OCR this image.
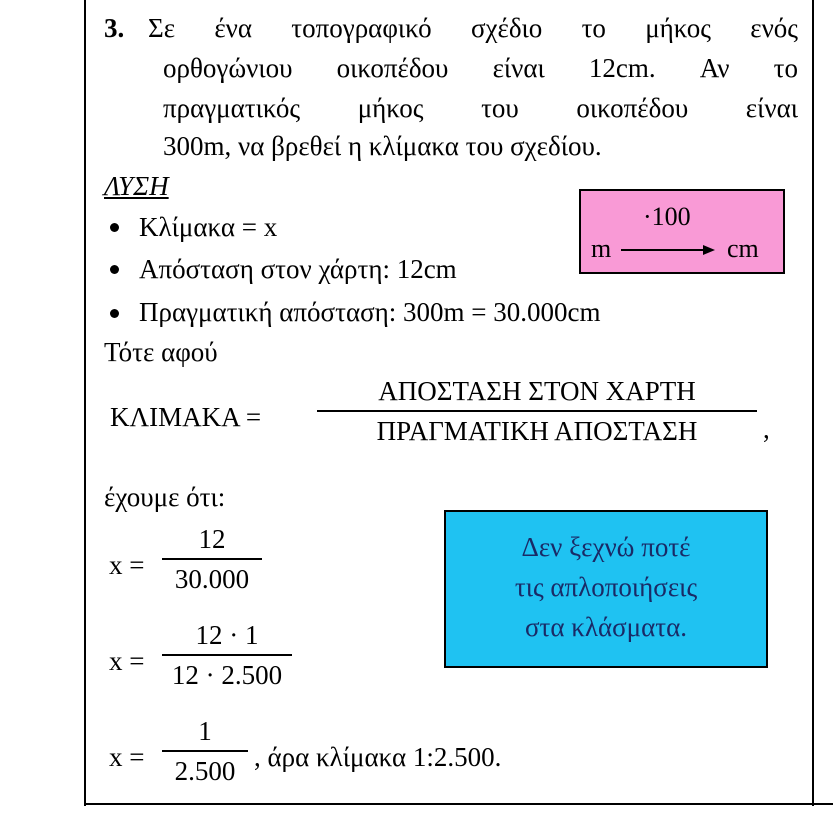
3. Σε ένα τοπογραφικό σχέδιο το μήκος ενός
ορθογώνιου οικοπέδου είναι 12cm. Αν το
πραγματικός μήκος του οικοπέδου είναι
300m, να βρεθεί η κλίμακα του σχεδίου.
ΛΥΣΗ
Κλίμακα = x
Απόσταση στον χάρτη: 12cm
Πραγματική απόσταση: 300m = 30.000cm
·100
m	cm
Τότε αφού
ΚΛΙΜΑΚΑ =
ΑΠΟΣΤΑΣΗ ΣΤΟΝ ΧΑΡΤΗ
ΠΡΑΓΜΑΤΙΚΗ ΑΠΟΣΤΑΣΗ	,
έχουμε ότι:
x =
12
30.000
x =
12 · 1
12 · 2.500
x =
1
2.500 , άρα κλίμακα 1:2.500.
Δεν ξεχνώ ποτέ
τις απλοποιήσεις
στα κλάσματα.
